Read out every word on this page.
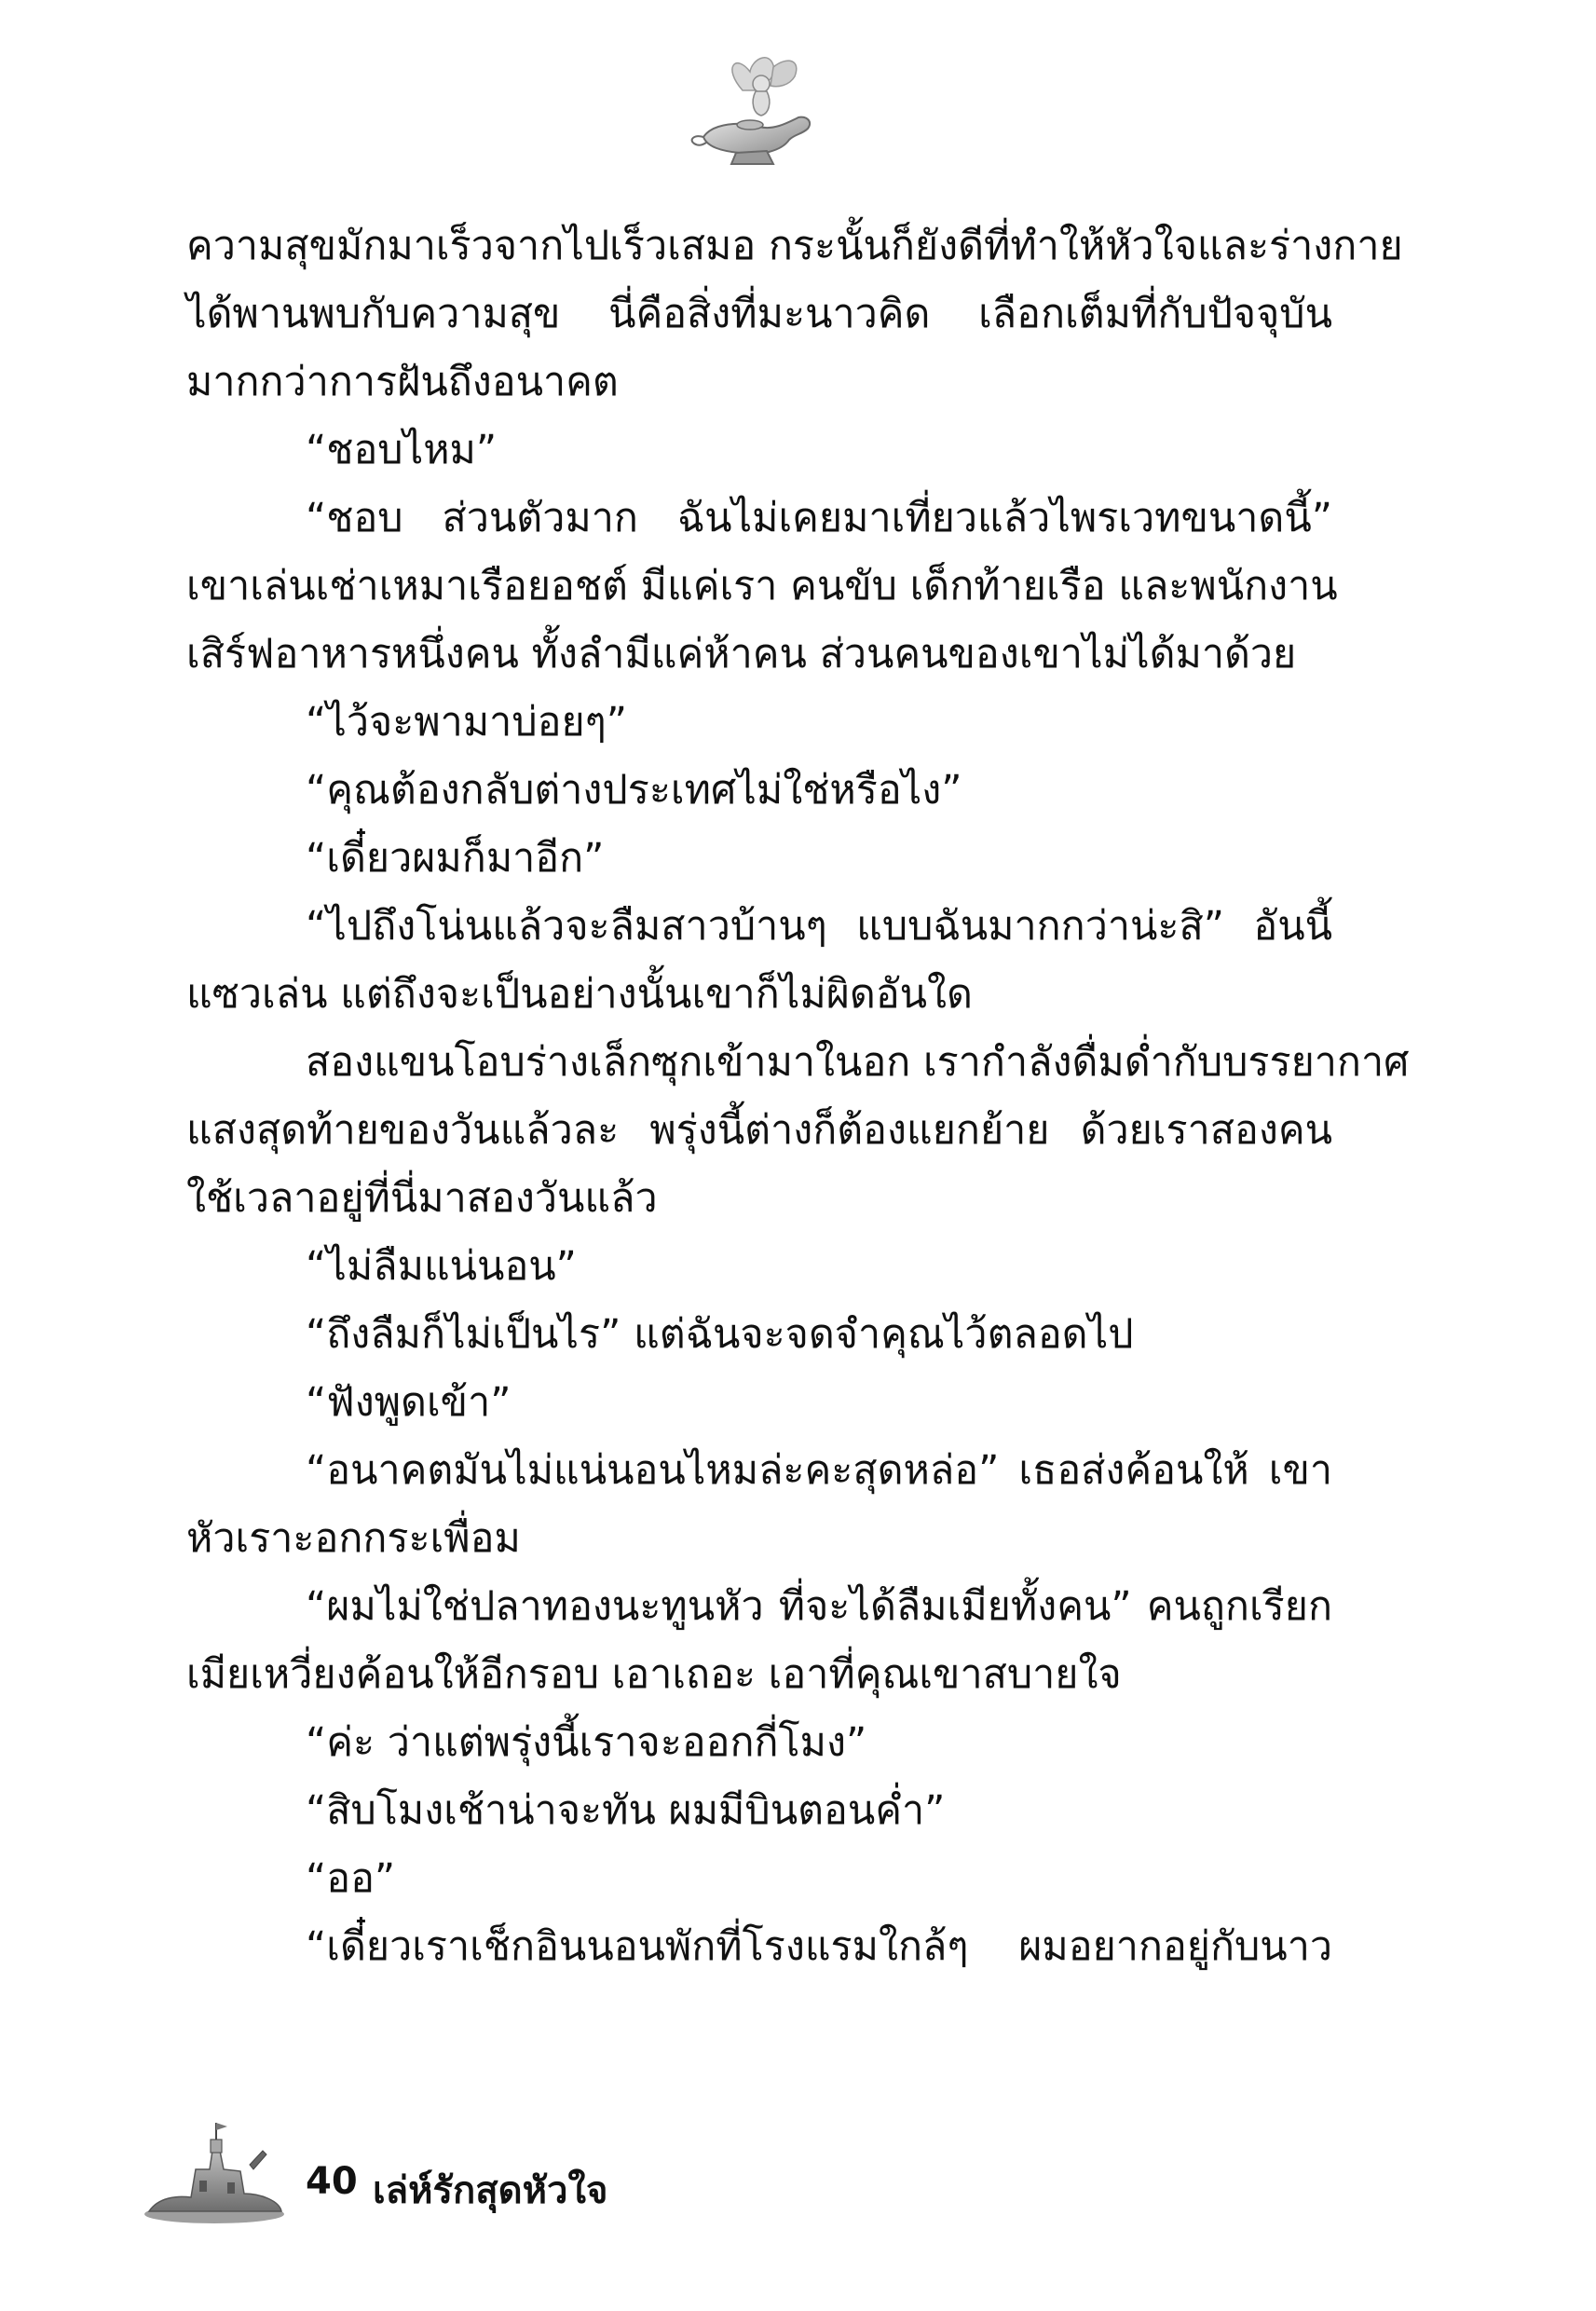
ความสุขมักมาเร็วจากไปเร็วเสมอ กระนั้นก็ยังดีที่ทำให้หัวใจและร่างกาย
ได้พานพบกับความสุข นี่คือสิ่งที่มะนาวคิด เลือกเต็มที่กับปัจจุบัน
มากกว่าการฝันถึงอนาคต
“ชอบไหม”
“ชอบ ส่วนตัวมาก ฉันไม่เคยมาเที่ยวแล้วไพรเวทขนาดนี้”
เขาเล่นเช่าเหมาเรือยอชต์ มีแค่เรา คนขับ เด็กท้ายเรือ และพนักงาน
เสิร์ฟอาหารหนึ่งคน ทั้งลำมีแค่ห้าคน ส่วนคนของเขาไม่ได้มาด้วย
“ไว้จะพามาบ่อยๆ”
“คุณต้องกลับต่างประเทศไม่ใช่หรือไง”
“เดี๋ยวผมก็มาอีก”
“ไปถึงโน่นแล้วจะลืมสาวบ้านๆ แบบฉันมากกว่าน่ะสิ” อันนี้
แซวเล่น แต่ถึงจะเป็นอย่างนั้นเขาก็ไม่ผิดอันใด
สองแขนโอบร่างเล็กซุกเข้ามาในอก เรากำลังดื่มด่ำกับบรรยากาศ
แสงสุดท้ายของวันแล้วละ พรุ่งนี้ต่างก็ต้องแยกย้าย ด้วยเราสองคน
ใช้เวลาอยู่ที่นี่มาสองวันแล้ว
“ไม่ลืมแน่นอน”
“ถึงลืมก็ไม่เป็นไร” แต่ฉันจะจดจำคุณไว้ตลอดไป
“ฟังพูดเข้า”
“อนาคตมันไม่แน่นอนไหมล่ะคะสุดหล่อ” เธอส่งค้อนให้ เขา
หัวเราะอกกระเพื่อม
“ผมไม่ใช่ปลาทองนะทูนหัว ที่จะได้ลืมเมียทั้งคน” คนถูกเรียก
เมียเหวี่ยงค้อนให้อีกรอบ เอาเถอะ เอาที่คุณเขาสบายใจ
“ค่ะ ว่าแต่พรุ่งนี้เราจะออกกี่โมง”
“สิบโมงเช้าน่าจะทัน ผมมีบินตอนค่ำ”
“ออ”
“เดี๋ยวเราเช็กอินนอนพักที่โรงแรมใกล้ๆ ผมอยากอยู่กับนาว
40 เล่ห์รักสุดหัวใจ
